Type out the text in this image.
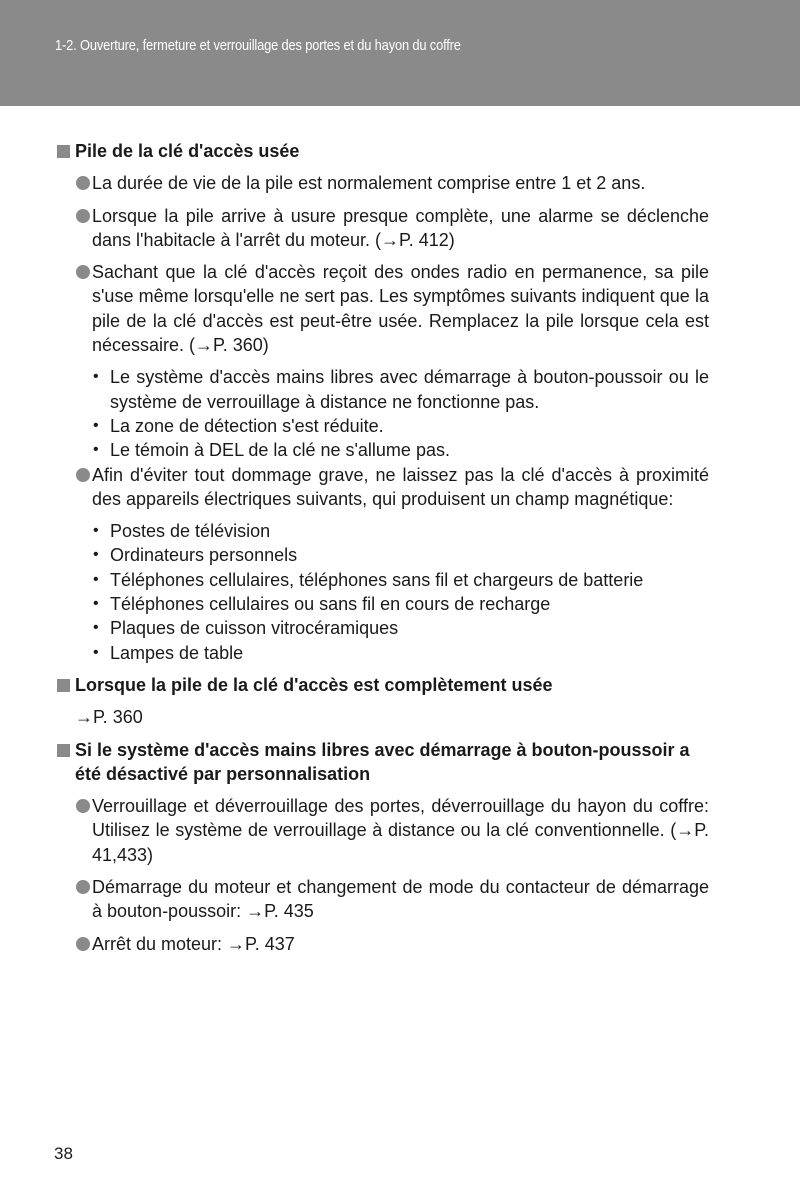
1-2. Ouverture, fermeture et verrouillage des portes et du hayon du coffre
Pile de la clé d'accès usée
La durée de vie de la pile est normalement comprise entre 1 et 2 ans.
Lorsque la pile arrive à usure presque complète, une alarme se déclenche dans l'habitacle à l'arrêt du moteur. (→P. 412)
Sachant que la clé d'accès reçoit des ondes radio en permanence, sa pile s'use même lorsqu'elle ne sert pas. Les symptômes suivants indiquent que la pile de la clé d'accès est peut-être usée. Remplacez la pile lorsque cela est nécessaire. (→P. 360)
• Le système d'accès mains libres avec démarrage à bouton-poussoir ou le système de verrouillage à distance ne fonctionne pas.
• La zone de détection s'est réduite.
• Le témoin à DEL de la clé ne s'allume pas.
Afin d'éviter tout dommage grave, ne laissez pas la clé d'accès à proximité des appareils électriques suivants, qui produisent un champ magnétique:
• Postes de télévision
• Ordinateurs personnels
• Téléphones cellulaires, téléphones sans fil et chargeurs de batterie
• Téléphones cellulaires ou sans fil en cours de recharge
• Plaques de cuisson vitrocéramiques
• Lampes de table
Lorsque la pile de la clé d'accès est complètement usée
→P. 360
Si le système d'accès mains libres avec démarrage à bouton-poussoir a été désactivé par personnalisation
Verrouillage et déverrouillage des portes, déverrouillage du hayon du coffre: Utilisez le système de verrouillage à distance ou la clé conventionnelle. (→P. 41,433)
Démarrage du moteur et changement de mode du contacteur de démarrage à bouton-poussoir: →P. 435
Arrêt du moteur: →P. 437
38
